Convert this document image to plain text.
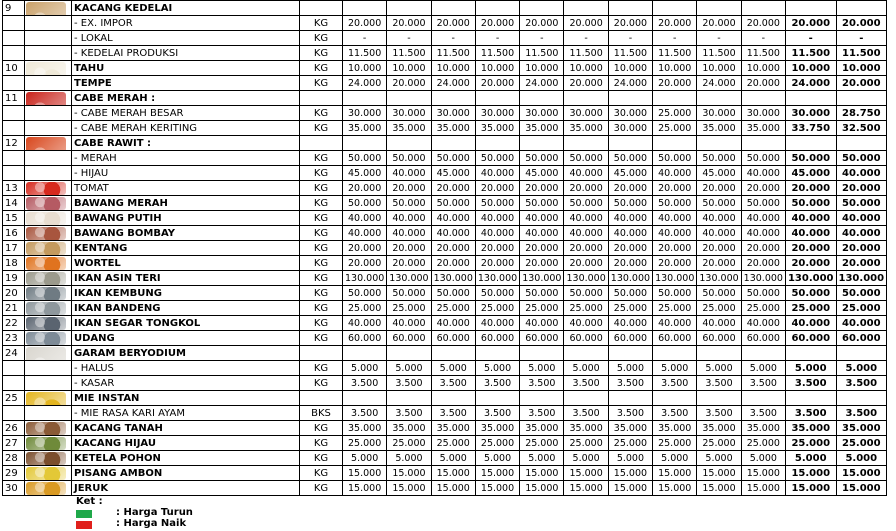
9		KACANG KEDELAI													
		- EX. IMPOR	KG	20.000	20.000	20.000	20.000	20.000	20.000	20.000	20.000	20.000	20.000	20.000	20.000
		- LOKAL	KG	-	-	-	-	-	-	-	-	-	-	-	-
		- KEDELAI PRODUKSI	KG	11.500	11.500	11.500	11.500	11.500	11.500	11.500	11.500	11.500	11.500	11.500	11.500
10		TAHU	KG	10.000	10.000	10.000	10.000	10.000	10.000	10.000	10.000	10.000	10.000	10.000	10.000
		TEMPE	KG	24.000	20.000	24.000	20.000	24.000	20.000	24.000	20.000	24.000	20.000	24.000	20.000
11		CABE MERAH :													
		- CABE MERAH BESAR	KG	30.000	30.000	30.000	30.000	30.000	30.000	30.000	25.000	30.000	30.000	30.000	28.750
		- CABE MERAH KERITING	KG	35.000	35.000	35.000	35.000	35.000	35.000	30.000	25.000	35.000	35.000	33.750	32.500
12		CABE RAWIT :													
		- MERAH	KG	50.000	50.000	50.000	50.000	50.000	50.000	50.000	50.000	50.000	50.000	50.000	50.000
		- HIJAU	KG	45.000	40.000	45.000	40.000	45.000	40.000	45.000	40.000	45.000	40.000	45.000	40.000
13		TOMAT	KG	20.000	20.000	20.000	20.000	20.000	20.000	20.000	20.000	20.000	20.000	20.000	20.000
14		BAWANG MERAH	KG	50.000	50.000	50.000	50.000	50.000	50.000	50.000	50.000	50.000	50.000	50.000	50.000
15		BAWANG PUTIH	KG	40.000	40.000	40.000	40.000	40.000	40.000	40.000	40.000	40.000	40.000	40.000	40.000
16		BAWANG BOMBAY	KG	40.000	40.000	40.000	40.000	40.000	40.000	40.000	40.000	40.000	40.000	40.000	40.000
17		KENTANG	KG	20.000	20.000	20.000	20.000	20.000	20.000	20.000	20.000	20.000	20.000	20.000	20.000
18		WORTEL	KG	20.000	20.000	20.000	20.000	20.000	20.000	20.000	20.000	20.000	20.000	20.000	20.000
19		IKAN ASIN TERI	KG	130.000	130.000	130.000	130.000	130.000	130.000	130.000	130.000	130.000	130.000	130.000	130.000
20		IKAN KEMBUNG	KG	50.000	50.000	50.000	50.000	50.000	50.000	50.000	50.000	50.000	50.000	50.000	50.000
21		IKAN BANDENG	KG	25.000	25.000	25.000	25.000	25.000	25.000	25.000	25.000	25.000	25.000	25.000	25.000
22		IKAN SEGAR TONGKOL	KG	40.000	40.000	40.000	40.000	40.000	40.000	40.000	40.000	40.000	40.000	40.000	40.000
23		UDANG	KG	60.000	60.000	60.000	60.000	60.000	60.000	60.000	60.000	60.000	60.000	60.000	60.000
24		GARAM BERYODIUM													
		- HALUS	KG	5.000	5.000	5.000	5.000	5.000	5.000	5.000	5.000	5.000	5.000	5.000	5.000
		- KASAR	KG	3.500	3.500	3.500	3.500	3.500	3.500	3.500	3.500	3.500	3.500	3.500	3.500
25		MIE INSTAN													
		- MIE RASA KARI AYAM	BKS	3.500	3.500	3.500	3.500	3.500	3.500	3.500	3.500	3.500	3.500	3.500	3.500
26		KACANG TANAH	KG	35.000	35.000	35.000	35.000	35.000	35.000	35.000	35.000	35.000	35.000	35.000	35.000
27		KACANG HIJAU	KG	25.000	25.000	25.000	25.000	25.000	25.000	25.000	25.000	25.000	25.000	25.000	25.000
28		KETELA POHON	KG	5.000	5.000	5.000	5.000	5.000	5.000	5.000	5.000	5.000	5.000	5.000	5.000
29		PISANG AMBON	KG	15.000	15.000	15.000	15.000	15.000	15.000	15.000	15.000	15.000	15.000	15.000	15.000
30		JERUK	KG	15.000	15.000	15.000	15.000	15.000	15.000	15.000	15.000	15.000	15.000	15.000	15.000
Ket :
: Harga Turun
: Harga Naik
